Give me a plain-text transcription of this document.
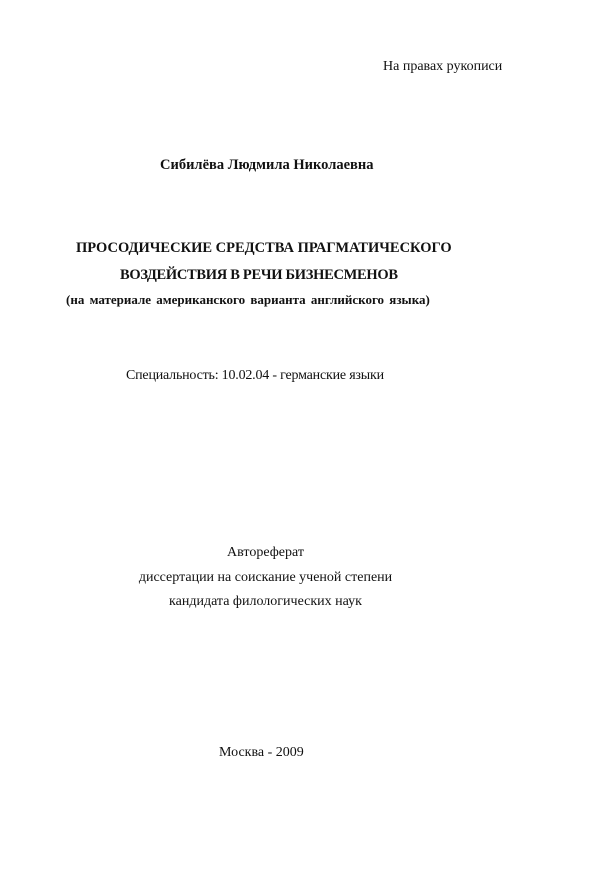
На правах рукописи
Сибилёва Людмила Николаевна
ПРОСОДИЧЕСКИЕ СРЕДСТВА ПРАГМАТИЧЕСКОГО
ВОЗДЕЙСТВИЯ В РЕЧИ БИЗНЕСМЕНОВ
(на материале американского варианта английского языка)
Специальность: 10.02.04 - германские языки
Автореферат
диссертации на соискание ученой степени
кандидата филологических наук
Москва - 2009
